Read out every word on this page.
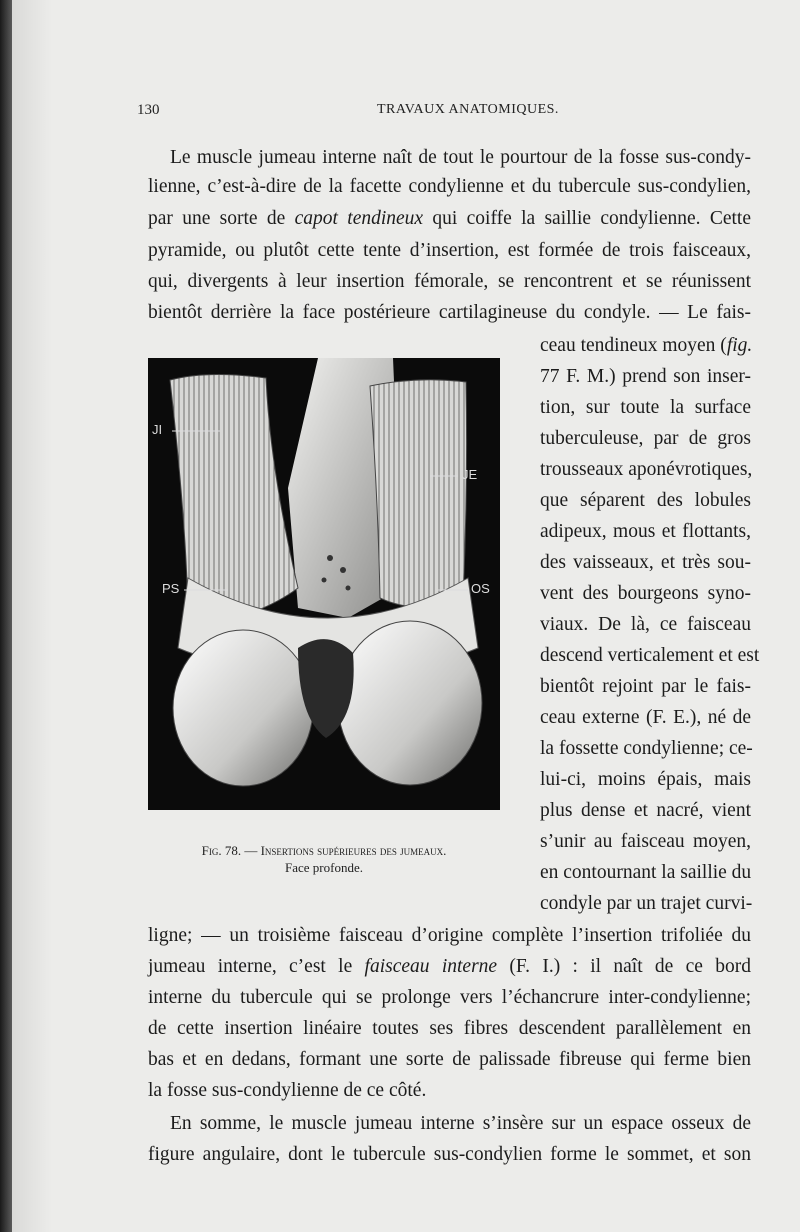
130	TRAVAUX ANATOMIQUES.
Le muscle jumeau interne naît de tout le pourtour de la fosse sus-condy-
lienne, c’est-à-dire de la facette condylienne et du tubercule sus-condylien,
par une sorte de capot tendineux qui coiffe la saillie condylienne. Cette
pyramide, ou plutôt cette tente d’insertion, est formée de trois faisceaux,
qui, divergents à leur insertion fémorale, se rencontrent et se réunissent
bientôt derrière la face postérieure cartilagineuse du condyle. — Le fais-
ceau tendineux moyen (fig.
77 F. M.) prend son inser-
tion, sur toute la surface
tuberculeuse, par de gros
trousseaux aponévrotiques,
que séparent des lobules
adipeux, mous et flottants,
des vaisseaux, et très sou-
vent des bourgeons syno-
viaux. De là, ce faisceau
descend verticalement et est
bientôt rejoint par le fais-
ceau externe (F. E.), né de
la fossette condylienne; ce-
lui-ci, moins épais, mais
plus dense et nacré, vient
s’unir au faisceau moyen,
en contournant la saillie du
condyle par un trajet curvi-
JI
JE
PS	OS
Fig. 78. — Insertions supérieures des jumeaux.
Face profonde.
ligne; — un troisième faisceau d’origine complète l’insertion trifoliée du
jumeau interne, c’est le faisceau interne (F. I.) : il naît de ce bord
interne du tubercule qui se prolonge vers l’échancrure inter-condylienne;
de cette insertion linéaire toutes ses fibres descendent parallèlement en
bas et en dedans, formant une sorte de palissade fibreuse qui ferme bien
la fosse sus-condylienne de ce côté.
En somme, le muscle jumeau interne s’insère sur un espace osseux de
figure angulaire, dont le tubercule sus-condylien forme le sommet, et son
